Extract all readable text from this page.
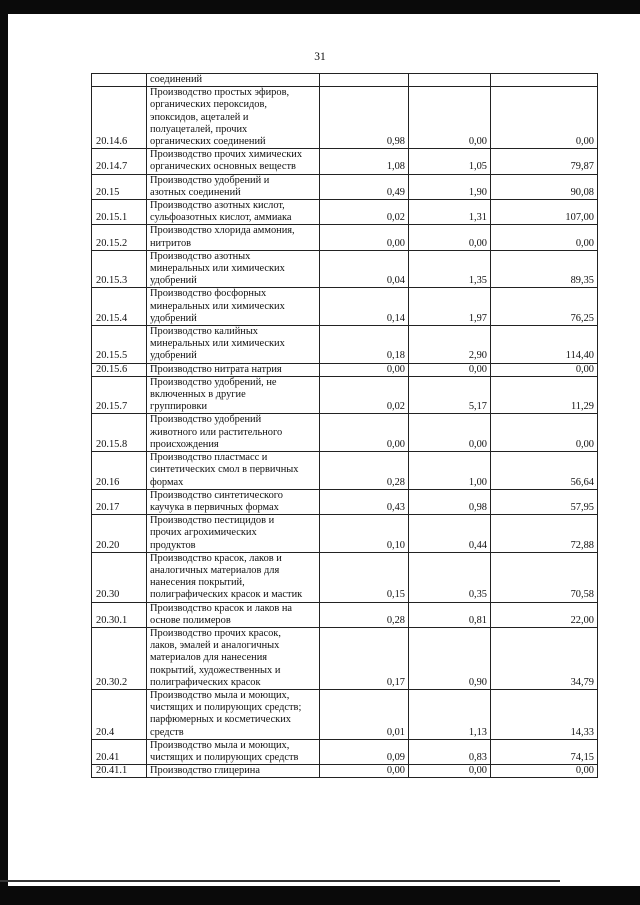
31

	соединений			

20.14.6	Производство простых эфиров,
органических пероксидов,
эпоксидов, ацеталей и
полуацеталей, прочих
органических соединений	0,98	0,00	0,00
20.14.7	Производство прочих химических
органических основных веществ	1,08	1,05	79,87
20.15	Производство удобрений и
азотных соединений	0,49	1,90	90,08
20.15.1	Производство азотных кислот,
сульфоазотных кислот, аммиака	0,02	1,31	107,00
20.15.2	Производство хлорида аммония,
нитритов	0,00	0,00	0,00
20.15.3	Производство азотных
минеральных или химических
удобрений	0,04	1,35	89,35
20.15.4	Производство фосфорных
минеральных или химических
удобрений	0,14	1,97	76,25
20.15.5	Производство калийных
минеральных или химических
удобрений	0,18	2,90	114,40
20.15.6	Производство нитрата натрия	0,00	0,00	0,00
20.15.7	Производство удобрений, не
включенных в другие
группировки	0,02	5,17	11,29
20.15.8	Производство удобрений
животного или растительного
происхождения	0,00	0,00	0,00
20.16	Производство пластмасс и
синтетических смол в первичных
формах	0,28	1,00	56,64
20.17	Производство синтетического
каучука в первичных формах	0,43	0,98	57,95
20.20	Производство пестицидов и
прочих агрохимических
продуктов	0,10	0,44	72,88
20.30	Производство красок, лаков и
аналогичных материалов для
нанесения покрытий,
полиграфических красок и мастик	0,15	0,35	70,58
20.30.1	Производство красок и лаков на
основе полимеров	0,28	0,81	22,00
20.30.2	Производство прочих красок,
лаков, эмалей и аналогичных
материалов для нанесения
покрытий, художественных и
полиграфических красок	0,17	0,90	34,79
20.4	Производство мыла и моющих,
чистящих и полирующих средств;
парфюмерных и косметических
средств	0,01	1,13	14,33
20.41	Производство мыла и моющих,
чистящих и полирующих средств	0,09	0,83	74,15
20.41.1	Производство глицерина	0,00	0,00	0,00
